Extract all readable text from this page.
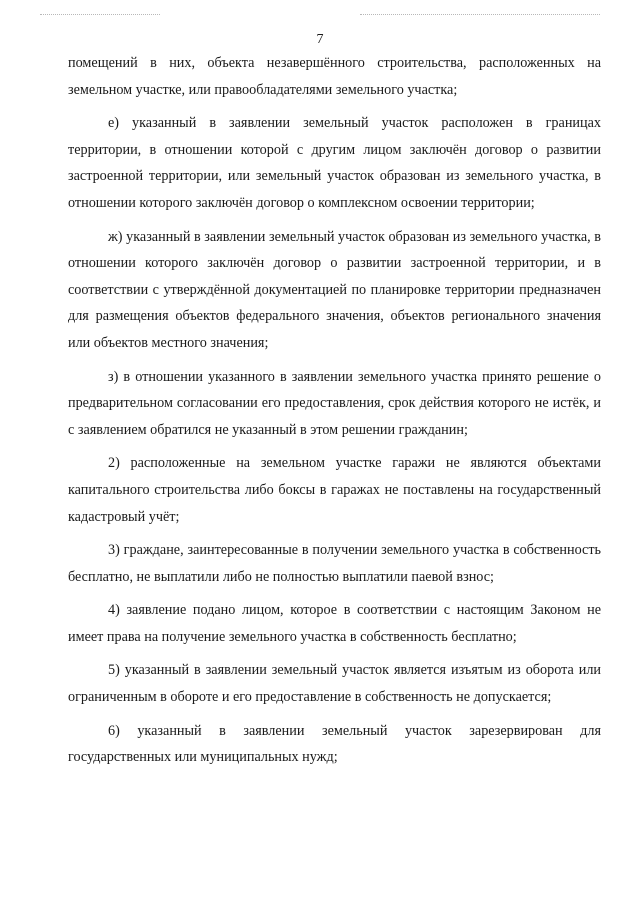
7

помещений в них, объекта незавершённого строительства, расположенных на земельном участке, или правообладателями земельного участка;

е) указанный в заявлении земельный участок расположен в границах территории, в отношении которой с другим лицом заключён договор о развитии застроенной территории, или земельный участок образован из земельного участка, в отношении которого заключён договор о комплексном освоении территории;

ж) указанный в заявлении земельный участок образован из земельного участка, в отношении которого заключён договор о развитии застроенной территории, и в соответствии с утверждённой документацией по планировке территории предназначен для размещения объектов федерального значения, объектов регионального значения или объектов местного значения;

з) в отношении указанного в заявлении земельного участка принято решение о предварительном согласовании его предоставления, срок действия которого не истёк, и с заявлением обратился не указанный в этом решении гражданин;

2) расположенные на земельном участке гаражи не являются объектами капитального строительства либо боксы в гаражах не поставлены на государственный кадастровый учёт;

3) граждане, заинтересованные в получении земельного участка в собственность бесплатно, не выплатили либо не полностью выплатили паевой взнос;

4) заявление подано лицом, которое в соответствии с настоящим Законом не имеет права на получение земельного участка в собственность бесплатно;

5) указанный в заявлении земельный участок является изъятым из оборота или ограниченным в обороте и его предоставление в собственность не допускается;

6) указанный в заявлении земельный участок зарезервирован для государственных или муниципальных нужд;
